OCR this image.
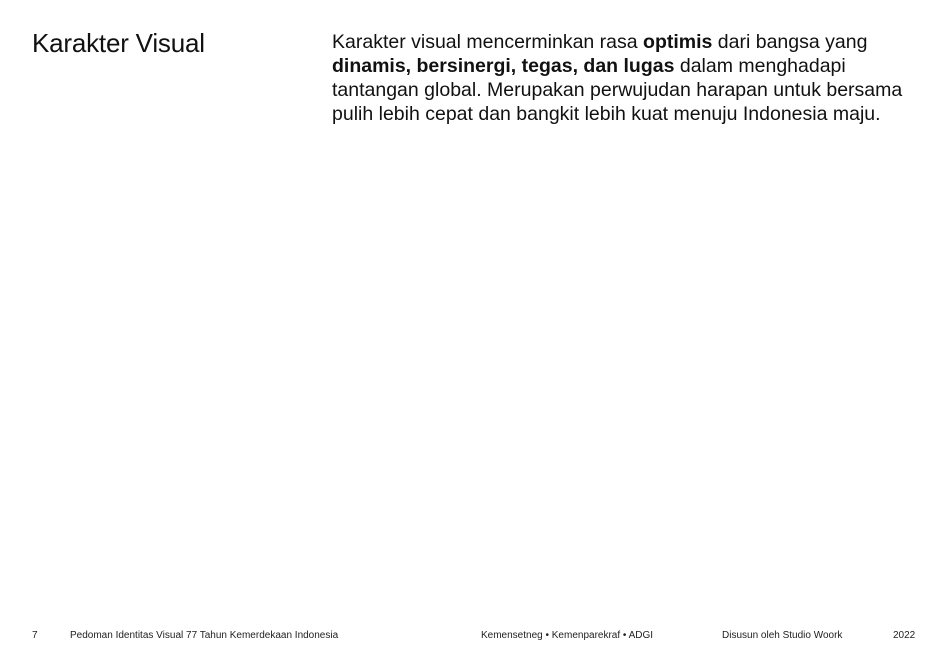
Karakter Visual	Karakter visual mencerminkan rasa optimis dari bangsa yang dinamis, bersinergi, tegas, dan lugas dalam menghadapi tantangan global. Merupakan perwujudan harapan untuk bersama pulih lebih cepat dan bangkit lebih kuat menuju Indonesia maju.

7	Pedoman Identitas Visual 77 Tahun Kemerdekaan Indonesia	Kemensetneg • Kemenparekraf • ADGI	Disusun oleh Studio Woork	2022
